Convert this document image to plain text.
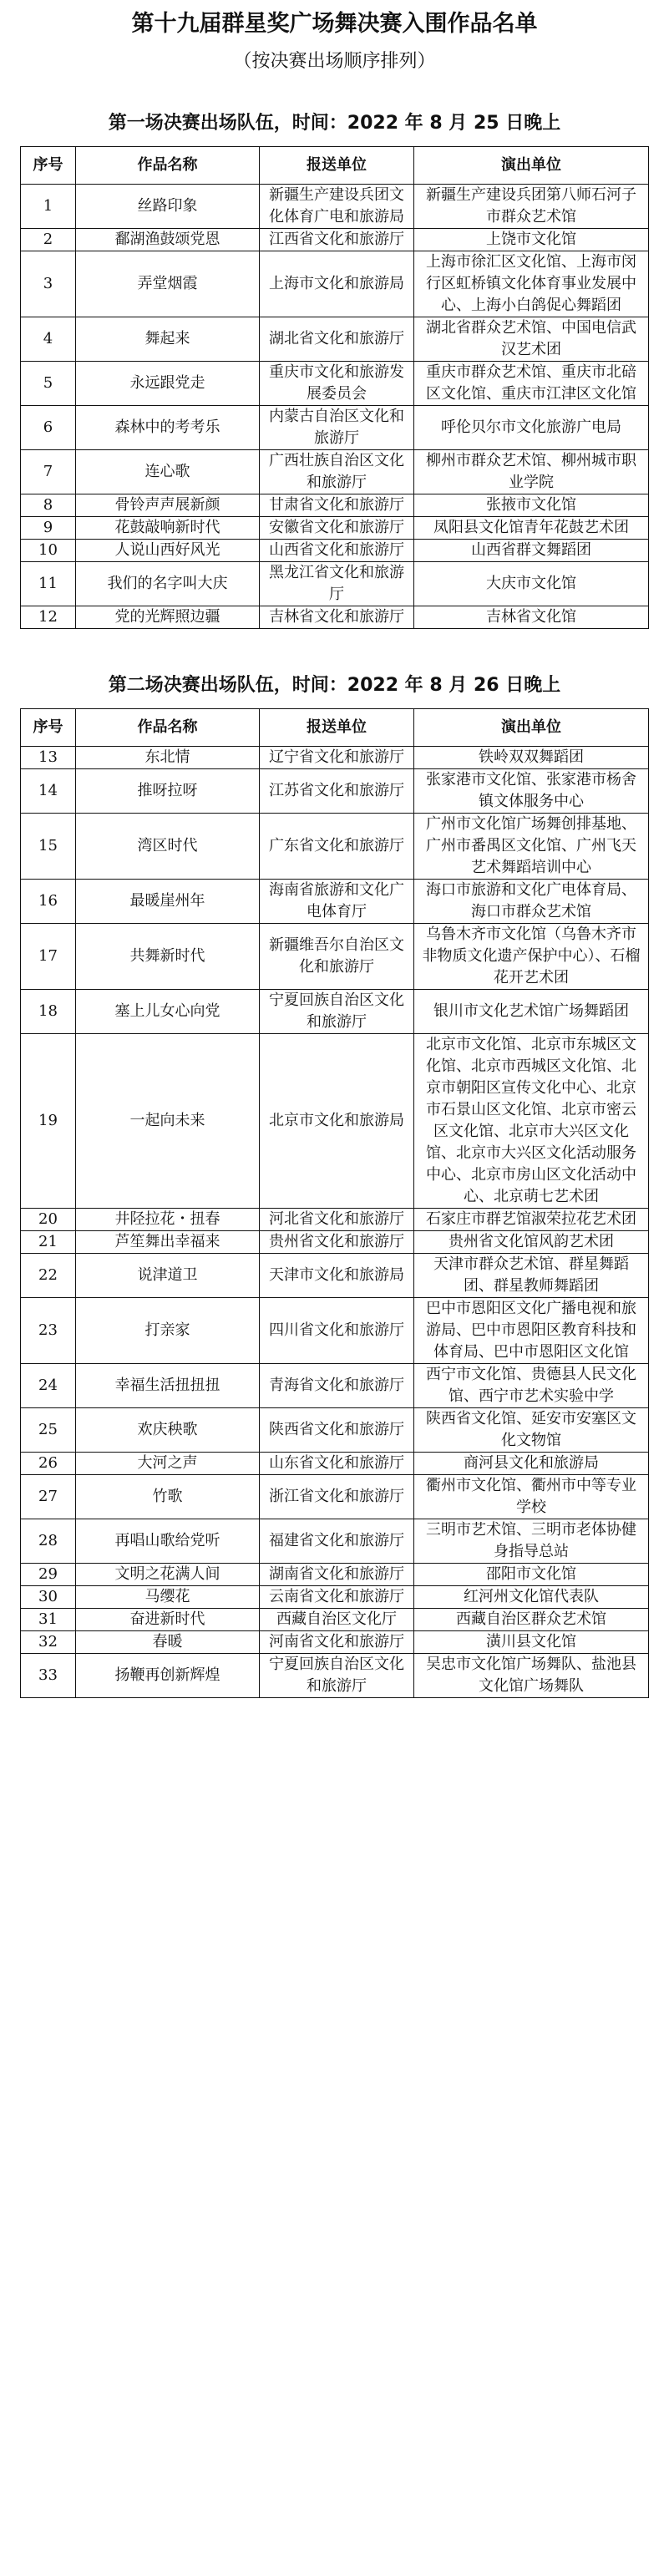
第十九届群星奖广场舞决赛入围作品名单
（按决赛出场顺序排列）
第一场决赛出场队伍，时间：2022 年 8 月 25 日晚上
序号	作品名称	报送单位	演出单位
1	丝路印象	新疆生产建设兵团文化体育广电和旅游局	新疆生产建设兵团第八师石河子市群众艺术馆
2	鄱湖渔鼓颂党恩	江西省文化和旅游厅	上饶市文化馆
3	弄堂烟霞	上海市文化和旅游局	上海市徐汇区文化馆、上海市闵行区虹桥镇文化体育事业发展中心、上海小白鸽促心舞蹈团
4	舞起来	湖北省文化和旅游厅	湖北省群众艺术馆、中国电信武汉艺术团
5	永远跟党走	重庆市文化和旅游发展委员会	重庆市群众艺术馆、重庆市北碚区文化馆、重庆市江津区文化馆
6	森林中的考考乐	内蒙古自治区文化和旅游厅	呼伦贝尔市文化旅游广电局
7	连心歌	广西壮族自治区文化和旅游厅	柳州市群众艺术馆、柳州城市职业学院
8	骨铃声声展新颜	甘肃省文化和旅游厅	张掖市文化馆
9	花鼓敲响新时代	安徽省文化和旅游厅	凤阳县文化馆青年花鼓艺术团
10	人说山西好风光	山西省文化和旅游厅	山西省群文舞蹈团
11	我们的名字叫大庆	黑龙江省文化和旅游厅	大庆市文化馆
12	党的光辉照边疆	吉林省文化和旅游厅	吉林省文化馆
第二场决赛出场队伍，时间：2022 年 8 月 26 日晚上
序号	作品名称	报送单位	演出单位
13	东北情	辽宁省文化和旅游厅	铁岭双双舞蹈团
14	推呀拉呀	江苏省文化和旅游厅	张家港市文化馆、张家港市杨舍镇文体服务中心
15	湾区时代	广东省文化和旅游厅	广州市文化馆广场舞创排基地、广州市番禺区文化馆、广州飞天艺术舞蹈培训中心
16	最暖崖州年	海南省旅游和文化广电体育厅	海口市旅游和文化广电体育局、海口市群众艺术馆
17	共舞新时代	新疆维吾尔自治区文化和旅游厅	乌鲁木齐市文化馆（乌鲁木齐市非物质文化遗产保护中心）、石榴花开艺术团
18	塞上儿女心向党	宁夏回族自治区文化和旅游厅	银川市文化艺术馆广场舞蹈团
19	一起向未来	北京市文化和旅游局	北京市文化馆、北京市东城区文化馆、北京市西城区文化馆、北京市朝阳区宣传文化中心、北京市石景山区文化馆、北京市密云区文化馆、北京市大兴区文化馆、北京市大兴区文化活动服务中心、北京市房山区文化活动中心、北京萌七艺术团
20	井陉拉花・扭春	河北省文化和旅游厅	石家庄市群艺馆淑荣拉花艺术团
21	芦笙舞出幸福来	贵州省文化和旅游厅	贵州省文化馆风韵艺术团
22	说津道卫	天津市文化和旅游局	天津市群众艺术馆、群星舞蹈团、群星教师舞蹈团
23	打亲家	四川省文化和旅游厅	巴中市恩阳区文化广播电视和旅游局、巴中市恩阳区教育科技和体育局、巴中市恩阳区文化馆
24	幸福生活扭扭扭	青海省文化和旅游厅	西宁市文化馆、贵德县人民文化馆、西宁市艺术实验中学
25	欢庆秧歌	陕西省文化和旅游厅	陕西省文化馆、延安市安塞区文化文物馆
26	大河之声	山东省文化和旅游厅	商河县文化和旅游局
27	竹歌	浙江省文化和旅游厅	衢州市文化馆、衢州市中等专业学校
28	再唱山歌给党听	福建省文化和旅游厅	三明市艺术馆、三明市老体协健身指导总站
29	文明之花满人间	湖南省文化和旅游厅	邵阳市文化馆
30	马缨花	云南省文化和旅游厅	红河州文化馆代表队
31	奋进新时代	西藏自治区文化厅	西藏自治区群众艺术馆
32	春暖	河南省文化和旅游厅	潢川县文化馆
33	扬鞭再创新辉煌	宁夏回族自治区文化和旅游厅	吴忠市文化馆广场舞队、盐池县文化馆广场舞队
